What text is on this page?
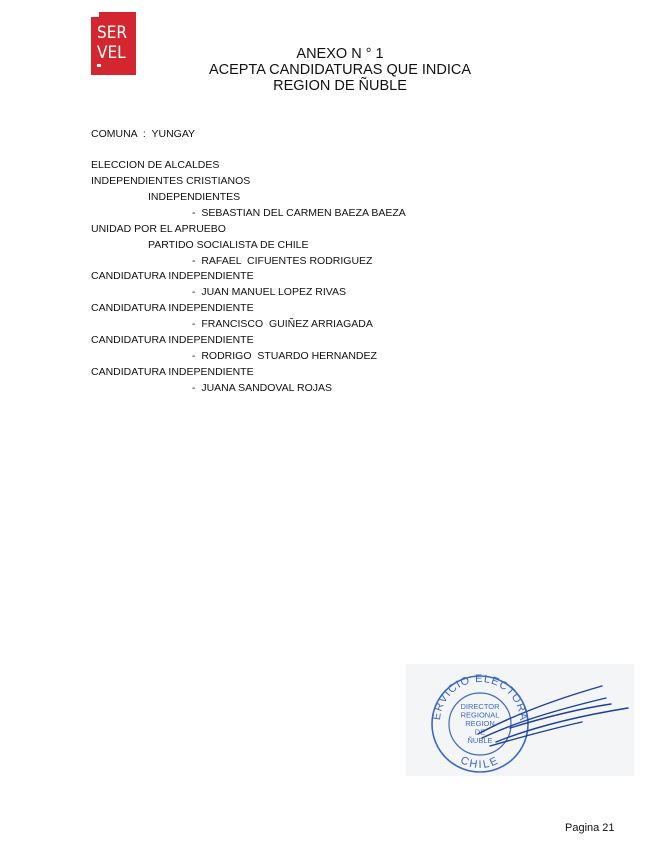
SER
VEL	ANEXO N ° 1
ACEPTA CANDIDATURAS QUE INDICA
REGION DE ÑUBLE
COMUNA  :  YUNGAY
ELECCION DE ALCALDES
INDEPENDIENTES CRISTIANOS
INDEPENDIENTES
-  SEBASTIAN DEL CARMEN BAEZA BAEZA
UNIDAD POR EL APRUEBO
PARTIDO SOCIALISTA DE CHILE
-  RAFAEL  CIFUENTES RODRIGUEZ
CANDIDATURA INDEPENDIENTE
-  JUAN MANUEL LOPEZ RIVAS
CANDIDATURA INDEPENDIENTE
-  FRANCISCO  GUIÑEZ ARRIAGADA
CANDIDATURA INDEPENDIENTE
-  RODRIGO  STUARDO HERNANDEZ
CANDIDATURA INDEPENDIENTE
-  JUANA SANDOVAL ROJAS
ERVICIO ELECTORA
CHILE
DIRECTOR
REGIONAL
REGION
DE
ÑUBLE
Pagina 21
